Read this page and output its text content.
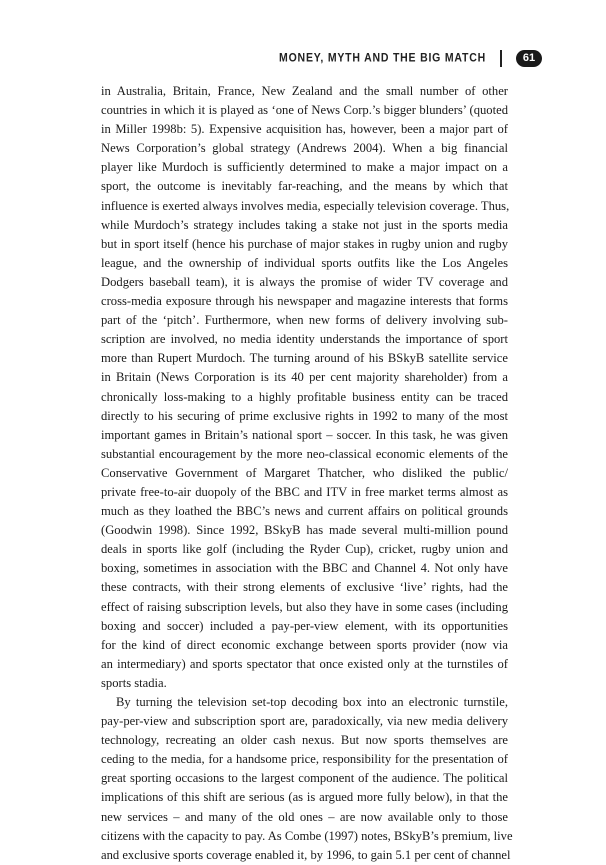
MONEY, MYTH AND THE BIG MATCH	61
in Australia, Britain, France, New Zealand and the small number of other
countries in which it is played as ‘one of News Corp.’s bigger blunders’ (quoted
in Miller 1998b: 5). Expensive acquisition has, however, been a major part of
News Corporation’s global strategy (Andrews 2004). When a big financial
player like Murdoch is sufficiently determined to make a major impact on a
sport, the outcome is inevitably far-reaching, and the means by which that
influence is exerted always involves media, especially television coverage. Thus,
while Murdoch’s strategy includes taking a stake not just in the sports media
but in sport itself (hence his purchase of major stakes in rugby union and rugby
league, and the ownership of individual sports outfits like the Los Angeles
Dodgers baseball team), it is always the promise of wider TV coverage and
cross-media exposure through his newspaper and magazine interests that forms
part of the ‘pitch’. Furthermore, when new forms of delivery involving sub-
scription are involved, no media identity understands the importance of sport
more than Rupert Murdoch. The turning around of his BSkyB satellite service
in Britain (News Corporation is its 40 per cent majority shareholder) from a
chronically loss-making to a highly profitable business entity can be traced
directly to his securing of prime exclusive rights in 1992 to many of the most
important games in Britain’s national sport – soccer. In this task, he was given
substantial encouragement by the more neo-classical economic elements of the
Conservative Government of Margaret Thatcher, who disliked the public/
private free-to-air duopoly of the BBC and ITV in free market terms almost as
much as they loathed the BBC’s news and current affairs on political grounds
(Goodwin 1998). Since 1992, BSkyB has made several multi-million pound
deals in sports like golf (including the Ryder Cup), cricket, rugby union and
boxing, sometimes in association with the BBC and Channel 4. Not only have
these contracts, with their strong elements of exclusive ‘live’ rights, had the
effect of raising subscription levels, but also they have in some cases (including
boxing and soccer) included a pay-per-view element, with its opportunities
for the kind of direct economic exchange between sports provider (now via
an intermediary) and sports spectator that once existed only at the turnstiles of
sports stadia.
By turning the television set-top decoding box into an electronic turnstile,
pay-per-view and subscription sport are, paradoxically, via new media delivery
technology, recreating an older cash nexus. But now sports themselves are
ceding to the media, for a handsome price, responsibility for the presentation of
great sporting occasions to the largest component of the audience. The political
implications of this shift are serious (as is argued more fully below), in that the
new services – and many of the old ones – are now available only to those
citizens with the capacity to pay. As Combe (1997) notes, BSkyB’s premium, live
and exclusive sports coverage enabled it, by 1996, to gain 5.1 per cent of channel
